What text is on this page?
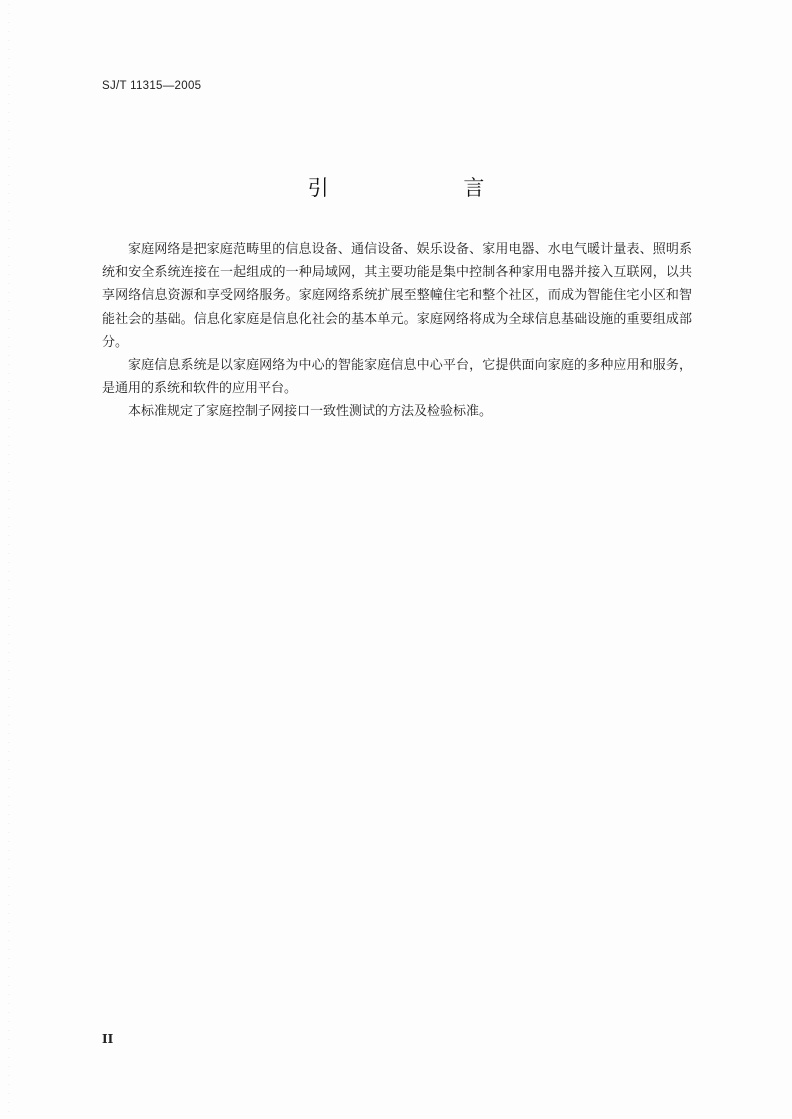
SJ/T 11315—2005
引 言

家庭网络是把家庭范畴里的信息设备、通信设备、娱乐设备、家用电器、水电气暖计量表、照明系统和安全系统连接在一起组成的一种局域网，其主要功能是集中控制各种家用电器并接入互联网，以共享网络信息资源和享受网络服务。家庭网络系统扩展至整幢住宅和整个社区，而成为智能住宅小区和智能社会的基础。信息化家庭是信息化社会的基本单元。家庭网络将成为全球信息基础设施的重要组成部分。

家庭信息系统是以家庭网络为中心的智能家庭信息中心平台，它提供面向家庭的多种应用和服务，是通用的系统和软件的应用平台。

本标准规定了家庭控制子网接口一致性测试的方法及检验标准。

II
